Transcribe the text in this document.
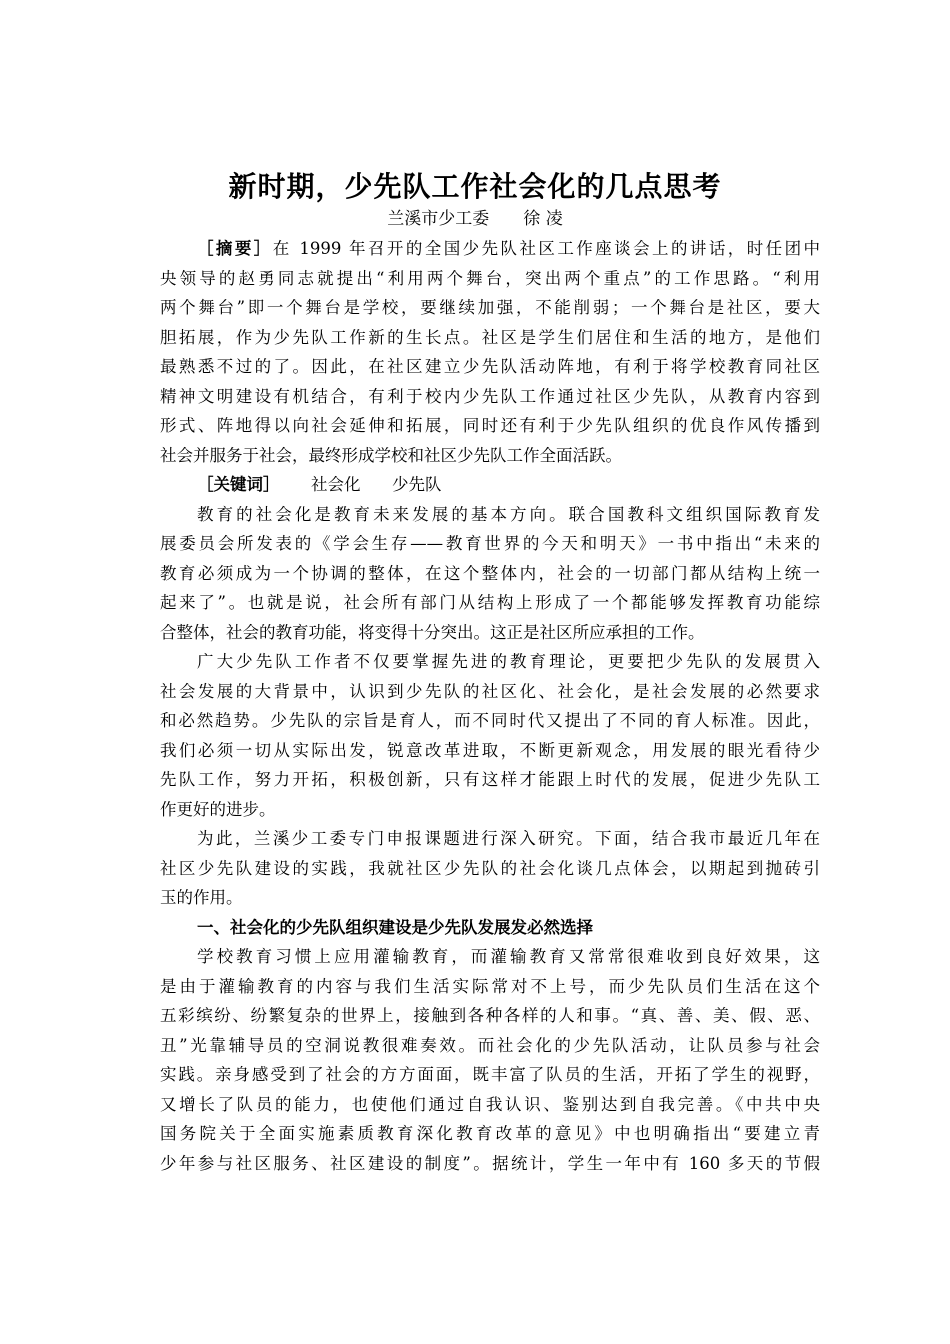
新时期，少先队工作社会化的几点思考
兰溪市少工委　　徐 凌
［摘要］在 1999 年召开的全国少先队社区工作座谈会上的讲话，时任团中
央领导的赵勇同志就提出“利用两个舞台，突出两个重点”的工作思路。“利用
两个舞台”即一个舞台是学校，要继续加强，不能削弱；一个舞台是社区，要大
胆拓展，作为少先队工作新的生长点。社区是学生们居住和生活的地方，是他们
最熟悉不过的了。因此，在社区建立少先队活动阵地，有利于将学校教育同社区
精神文明建设有机结合，有利于校内少先队工作通过社区少先队，从教育内容到
形式、阵地得以向社会延伸和拓展，同时还有利于少先队组织的优良作风传播到
社会并服务于社会，最终形成学校和社区少先队工作全面活跃。
［关键词］ 社会化 少先队
教育的社会化是教育未来发展的基本方向。联合国教科文组织国际教育发
展委员会所发表的《学会生存——教育世界的今天和明天》一书中指出“未来的
教育必须成为一个协调的整体，在这个整体内，社会的一切部门都从结构上统一
起来了”。也就是说，社会所有部门从结构上形成了一个都能够发挥教育功能综
合整体，社会的教育功能，将变得十分突出。这正是社区所应承担的工作。
广大少先队工作者不仅要掌握先进的教育理论，更要把少先队的发展贯入
社会发展的大背景中，认识到少先队的社区化、社会化，是社会发展的必然要求
和必然趋势。少先队的宗旨是育人，而不同时代又提出了不同的育人标准。因此，
我们必须一切从实际出发，锐意改革进取，不断更新观念，用发展的眼光看待少
先队工作，努力开拓，积极创新，只有这样才能跟上时代的发展，促进少先队工
作更好的进步。
为此，兰溪少工委专门申报课题进行深入研究。下面，结合我市最近几年在
社区少先队建设的实践，我就社区少先队的社会化谈几点体会，以期起到抛砖引
玉的作用。
一、社会化的少先队组织建设是少先队发展发必然选择
学校教育习惯上应用灌输教育，而灌输教育又常常很难收到良好效果，这
是由于灌输教育的内容与我们生活实际常对不上号，而少先队员们生活在这个
五彩缤纷、纷繁复杂的世界上，接触到各种各样的人和事。“真、善、美、假、恶、
丑”光靠辅导员的空洞说教很难奏效。而社会化的少先队活动，让队员参与社会
实践。亲身感受到了社会的方方面面，既丰富了队员的生活，开拓了学生的视野，
又增长了队员的能力，也使他们通过自我认识、鉴别达到自我完善。《中共中央
国务院关于全面实施素质教育深化教育改革的意见》中也明确指出“要建立青
少年参与社区服务、社区建设的制度”。据统计，学生一年中有 160 多天的节假
